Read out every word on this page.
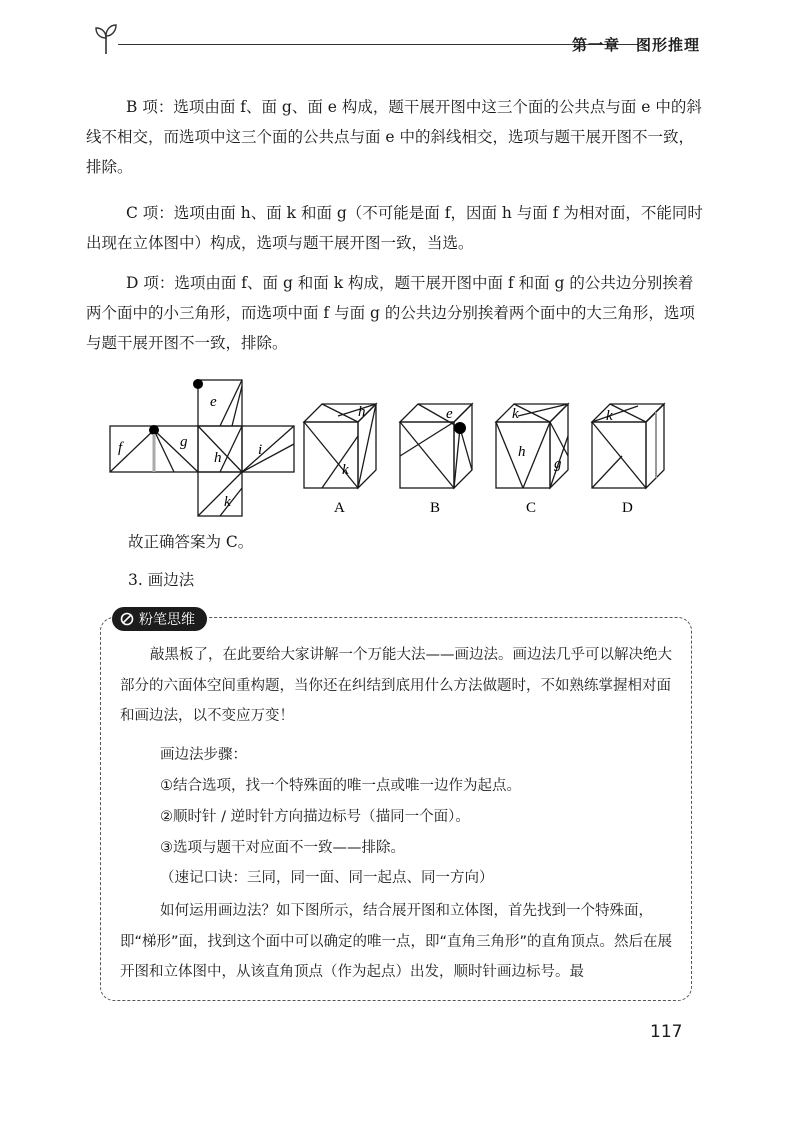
第一章　图形推理
B 项：选项由面 f、面 g、面 e 构成，题干展开图中这三个面的公共点与面 e 中的斜线不相交，而选项中这三个面的公共点与面 e 中的斜线相交，选项与题干展开图不一致，排除。
C 项：选项由面 h、面 k 和面 g（不可能是面 f，因面 h 与面 f 为相对面，不能同时出现在立体图中）构成，选项与题干展开图一致，当选。
D 项：选项由面 f、面 g 和面 k 构成，题干展开图中面 f 和面 g 的公共边分别挨着两个面中的小三角形，而选项中面 f 与面 g 的公共边分别挨着两个面中的大三角形，选项与题干展开图不一致，排除。
e
f	g
h i
k
h
k
e	k
h
g
k
A	B	C	D
故正确答案为 C。
3. 画边法
粉笔思维
敲黑板了，在此要给大家讲解一个万能大法——画边法。画边法几乎可以解决绝大部分的六面体空间重构题，当你还在纠结到底用什么方法做题时，不如熟练掌握相对面和画边法，以不变应万变！
画边法步骤：
①结合选项，找一个特殊面的唯一点或唯一边作为起点。
②顺时针 / 逆时针方向描边标号（描同一个面）。
③选项与题干对应面不一致——排除。
（速记口诀：三同，同一面、同一起点、同一方向）
如何运用画边法？如下图所示，结合展开图和立体图，首先找到一个特殊面，即“梯形”面，找到这个面中可以确定的唯一点，即“直角三角形”的直角顶点。然后在展开图和立体图中，从该直角顶点（作为起点）出发，顺时针画边标号。最
117
